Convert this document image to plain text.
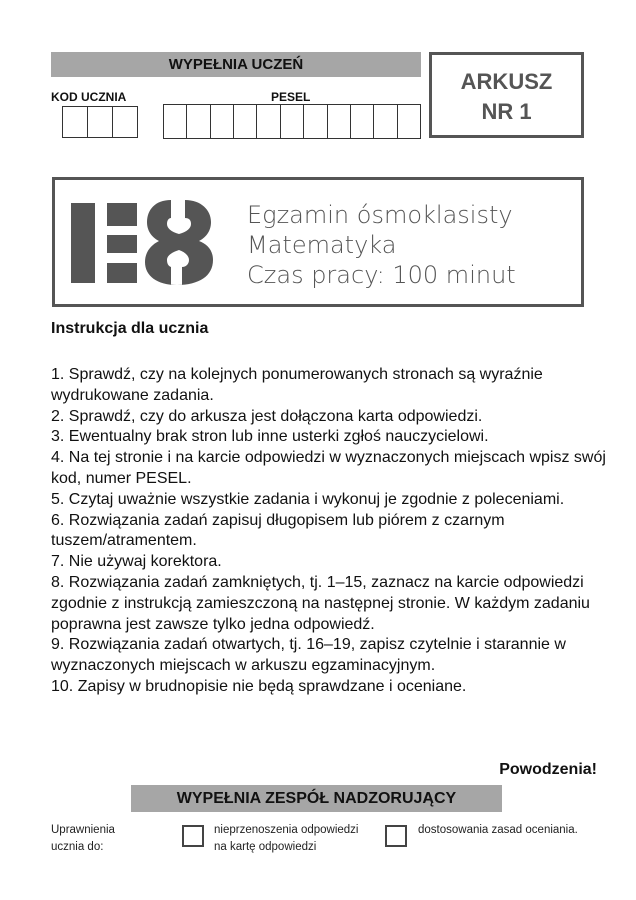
WYPEŁNIA UCZEŃ
KOD UCZNIA	PESEL
ARKUSZ
NR 1
Egzamin ósmoklasisty
Matematyka
Czas pracy: 100 minut
Instrukcja dla ucznia

1. Sprawdź, czy na kolejnych ponumerowanych stronach są wyraźnie wydrukowane zadania.

2. Sprawdź, czy do arkusza jest dołączona karta odpowiedzi.

3. Ewentualny brak stron lub inne usterki zgłoś nauczycielowi.

4. Na tej stronie i na karcie odpowiedzi w wyznaczonych miejscach wpisz swój kod, numer PESEL.

5. Czytaj uważnie wszystkie zadania i wykonuj je zgodnie z poleceniami.

6. Rozwiązania zadań zapisuj długopisem lub piórem z czarnym tuszem/atramentem.

7. Nie używaj korektora.

8. Rozwiązania zadań zamkniętych, tj. 1–15, zaznacz na karcie odpowiedzi zgodnie z instrukcją zamieszczoną na następnej stronie. W każdym zadaniu poprawna jest zawsze tylko jedna odpowiedź.

9. Rozwiązania zadań otwartych, tj. 16–19, zapisz czytelnie i starannie w wyznaczonych miejscach w arkuszu egzaminacyjnym.

10. Zapisy w brudnopisie nie będą sprawdzane i oceniane.

Powodzenia!
WYPEŁNIA ZESPÓŁ NADZORUJĄCY
Uprawnienia ucznia do:
nieprzenoszenia odpowiedzi na kartę odpowiedzi
dostosowania zasad oceniania.
